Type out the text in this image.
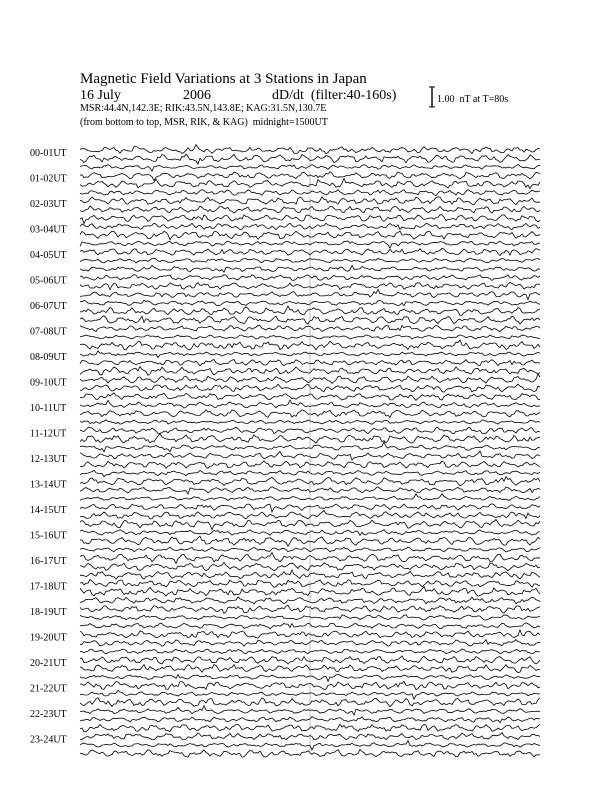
Magnetic Field Variations at 3 Stations in Japan
16 July	2006	dD/dt  (filter:40-160s)
MSR:44.4N,142.3E; RIK:43.5N,143.8E; KAG:31.5N,130.7E
(from bottom to top, MSR, RIK, & KAG)  midnight=1500UT
1.00  nT at T=80s
00-01UT
01-02UT
02-03UT
03-04UT
04-05UT
05-06UT
06-07UT
07-08UT
08-09UT
09-10UT
10-11UT
11-12UT
12-13UT
13-14UT
14-15UT
15-16UT
16-17UT
17-18UT
18-19UT
19-20UT
20-21UT
21-22UT
22-23UT
23-24UT
